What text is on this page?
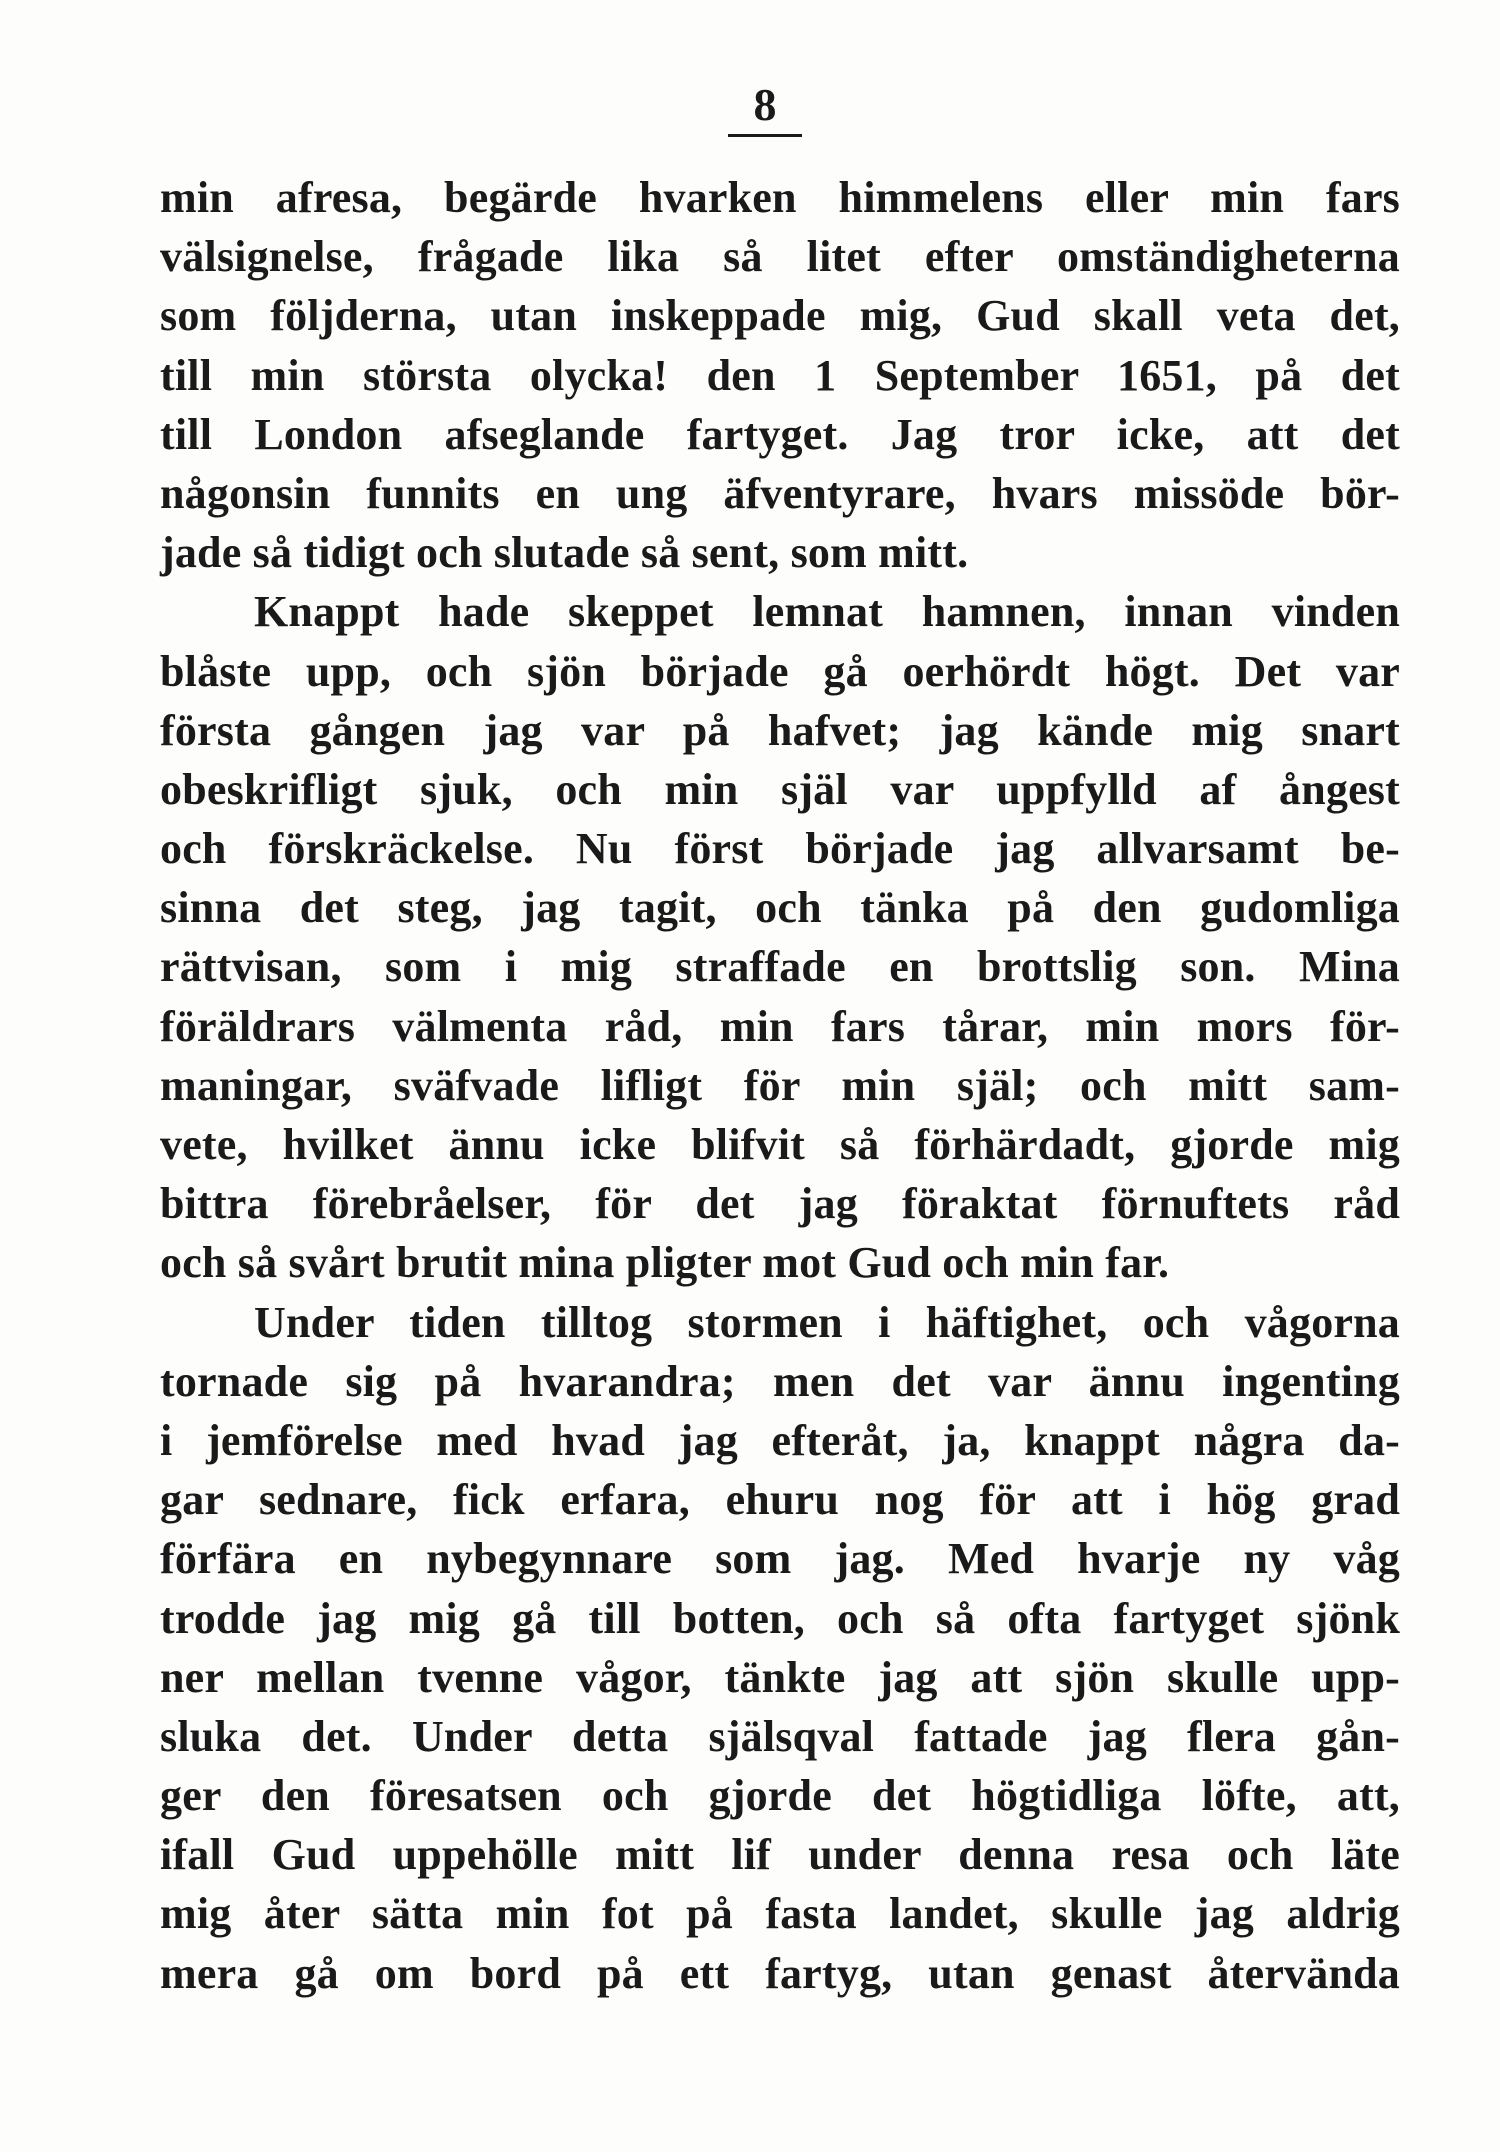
8
min afresa, begärde hvarken himmelens eller min fars
välsignelse, frågade lika så litet efter omständigheterna
som följderna, utan inskeppade mig, Gud skall veta det,
till min största olycka! den 1 September 1651, på det
till London afseglande fartyget. Jag tror icke, att det
någonsin funnits en ung äfventyrare, hvars missöde bör-
jade så tidigt och slutade så sent, som mitt.
Knappt hade skeppet lemnat hamnen, innan vinden
blåste upp, och sjön började gå oerhördt högt. Det var
första gången jag var på hafvet; jag kände mig snart
obeskrifligt sjuk, och min själ var uppfylld af ångest
och förskräckelse. Nu först började jag allvarsamt be-
sinna det steg, jag tagit, och tänka på den gudomliga
rättvisan, som i mig straffade en brottslig son. Mina
föräldrars välmenta råd, min fars tårar, min mors för-
maningar, sväfvade lifligt för min själ; och mitt sam-
vete, hvilket ännu icke blifvit så förhärdadt, gjorde mig
bittra förebråelser, för det jag föraktat förnuftets råd
och så svårt brutit mina pligter mot Gud och min far.
Under tiden tilltog stormen i häftighet, och vågorna
tornade sig på hvarandra; men det var ännu ingenting
i jemförelse med hvad jag efteråt, ja, knappt några da-
gar sednare, fick erfara, ehuru nog för att i hög grad
förfära en nybegynnare som jag. Med hvarje ny våg
trodde jag mig gå till botten, och så ofta fartyget sjönk
ner mellan tvenne vågor, tänkte jag att sjön skulle upp-
sluka det. Under detta själsqval fattade jag flera gån-
ger den föresatsen och gjorde det högtidliga löfte, att,
ifall Gud uppehölle mitt lif under denna resa och läte
mig åter sätta min fot på fasta landet, skulle jag aldrig
mera gå om bord på ett fartyg, utan genast återvända
